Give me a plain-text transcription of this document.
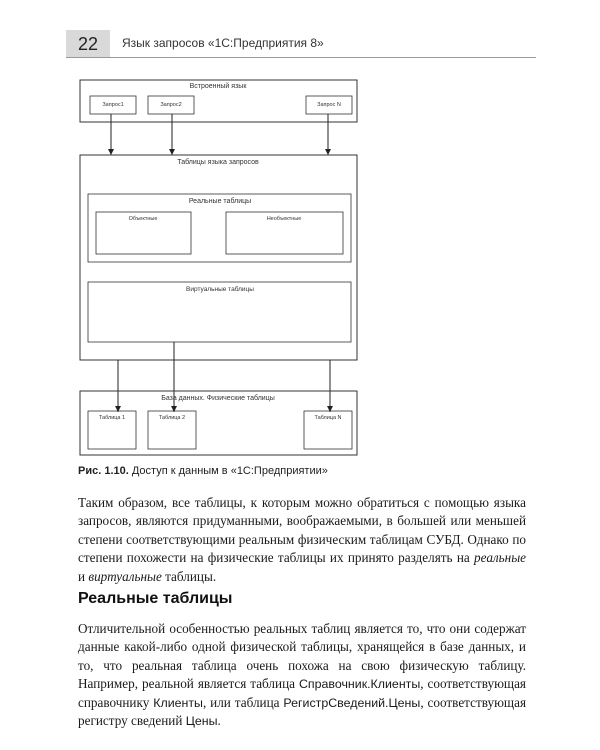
22	Язык запросов «1С:Предприятия 8»
Встроенный язык
Запрос1	Запрос2	Запрос N
Таблицы языка запросов
Реальные таблицы
Объектные	Необъектные
Виртуальные таблицы
База данных. Физические таблицы
Таблица 1	Таблица 2	Таблица N
Рис. 1.10. Доступ к данным в «1С:Предприятии»

Таким образом, все таблицы, к которым можно обратиться с помощью языка запросов, являются придуманными, воображаемыми, в большей или меньшей степени соответствующими реальным физическим таблицам СУБД. Однако по степени похожести на физические таблицы их принято разделять на реальные и виртуальные таблицы.

Реальные таблицы

Отличительной особенностью реальных таблиц является то, что они содержат данные какой-либо одной физической таблицы, хранящейся в базе данных, и то, что реальная таблица очень похожа на свою физическую таблицу. Например, реальной является таблица Справочник.Клиенты, соответствующая справочнику Клиенты, или таблица РегистрСведений.Цены, соответствующая регистру сведений Цены.
